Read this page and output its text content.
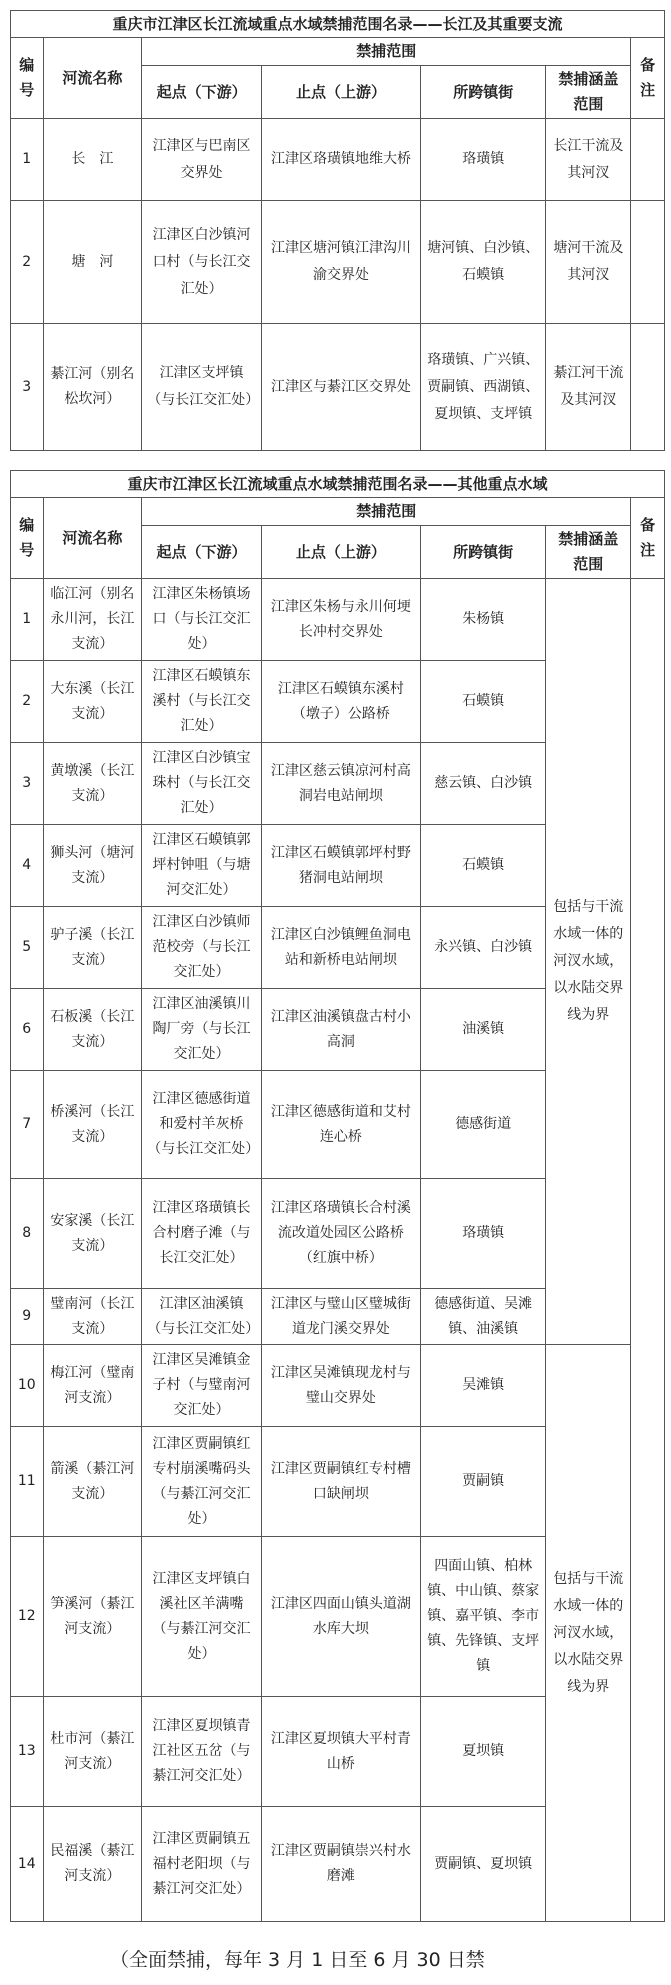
重庆市江津区长江流域重点水域禁捕范围名录——长江及其重要支流						
编号	河流名称	禁捕范围				备注
		起点（下游）	止点（上游）	所跨镇街	禁捕涵盖范围	
1	长　江	江津区与巴南区交界处	江津区珞璜镇地维大桥	珞璜镇	长江干流及其河汊	
2	塘　河	江津区白沙镇河口村（与长江交汇处）	江津区塘河镇江津沟川渝交界处	塘河镇、白沙镇、石蟆镇	塘河干流及其河汊	
3	綦江河（别名松坎河）	江津区支坪镇（与长江交汇处）	江津区与綦江区交界处	珞璜镇、广兴镇、贾嗣镇、西湖镇、夏坝镇、支坪镇	綦江河干流及其河汊	
重庆市江津区长江流域重点水域禁捕范围名录——其他重点水域						
编号	河流名称	禁捕范围				备注
		起点（下游）	止点（上游）	所跨镇街	禁捕涵盖范围	
1	临江河（别名永川河，长江支流）	江津区朱杨镇场口（与长江交汇处）	江津区朱杨与永川何埂长冲村交界处	朱杨镇	包括与干流水域一体的河汊水域，以水陆交界线为界	
2	大东溪（长江支流）	江津区石蟆镇东溪村（与长江交汇处）	江津区石蟆镇东溪村（墩子）公路桥	石蟆镇		
3	黄墩溪（长江支流）	江津区白沙镇宝珠村（与长江交汇处）	江津区慈云镇凉河村高洞岩电站闸坝	慈云镇、白沙镇		
4	狮头河（塘河支流）	江津区石蟆镇郭坪村钟咀（与塘河交汇处）	江津区石蟆镇郭坪村野猪洞电站闸坝	石蟆镇		
5	驴子溪（长江支流）	江津区白沙镇师范校旁（与长江交汇处）	江津区白沙镇鲤鱼洞电站和新桥电站闸坝	永兴镇、白沙镇		
6	石板溪（长江支流）	江津区油溪镇川陶厂旁（与长江交汇处）	江津区油溪镇盘古村小高洞	油溪镇		
7	桥溪河（长江支流）	江津区德感街道和爱村羊灰桥（与长江交汇处）	江津区德感街道和艾村连心桥	德感街道		
8	安家溪（长江支流）	江津区珞璜镇长合村磨子滩（与长江交汇处）	江津区珞璜镇长合村溪流改道处园区公路桥（红旗中桥）	珞璜镇		
9	璧南河（长江支流）	江津区油溪镇（与长江交汇处）	江津区与璧山区璧城街道龙门溪交界处	德感街道、吴滩镇、油溪镇		
10	梅江河（璧南河支流）	江津区吴滩镇金子村（与璧南河交汇处）	江津区吴滩镇现龙村与璧山交界处	吴滩镇	包括与干流水域一体的河汊水域，以水陆交界线为界	
11	箭溪（綦江河支流）	江津区贾嗣镇红专村崩溪嘴码头（与綦江河交汇处）	江津区贾嗣镇红专村槽口缺闸坝	贾嗣镇		
12	笋溪河（綦江河支流）	江津区支坪镇白溪社区羊满嘴（与綦江河交汇处）	江津区四面山镇头道湖水库大坝	四面山镇、柏林镇、中山镇、蔡家镇、嘉平镇、李市镇、先锋镇、支坪镇		
13	杜市河（綦江河支流）	江津区夏坝镇青江社区五岔（与綦江河交汇处）	江津区夏坝镇大平村青山桥	夏坝镇		
14	民福溪（綦江河支流）	江津区贾嗣镇五福村老阳坝（与綦江河交汇处）	江津区贾嗣镇崇兴村水磨滩	贾嗣镇、夏坝镇		
（全面禁捕，每年 3 月 1 日至 6 月 30 日禁
